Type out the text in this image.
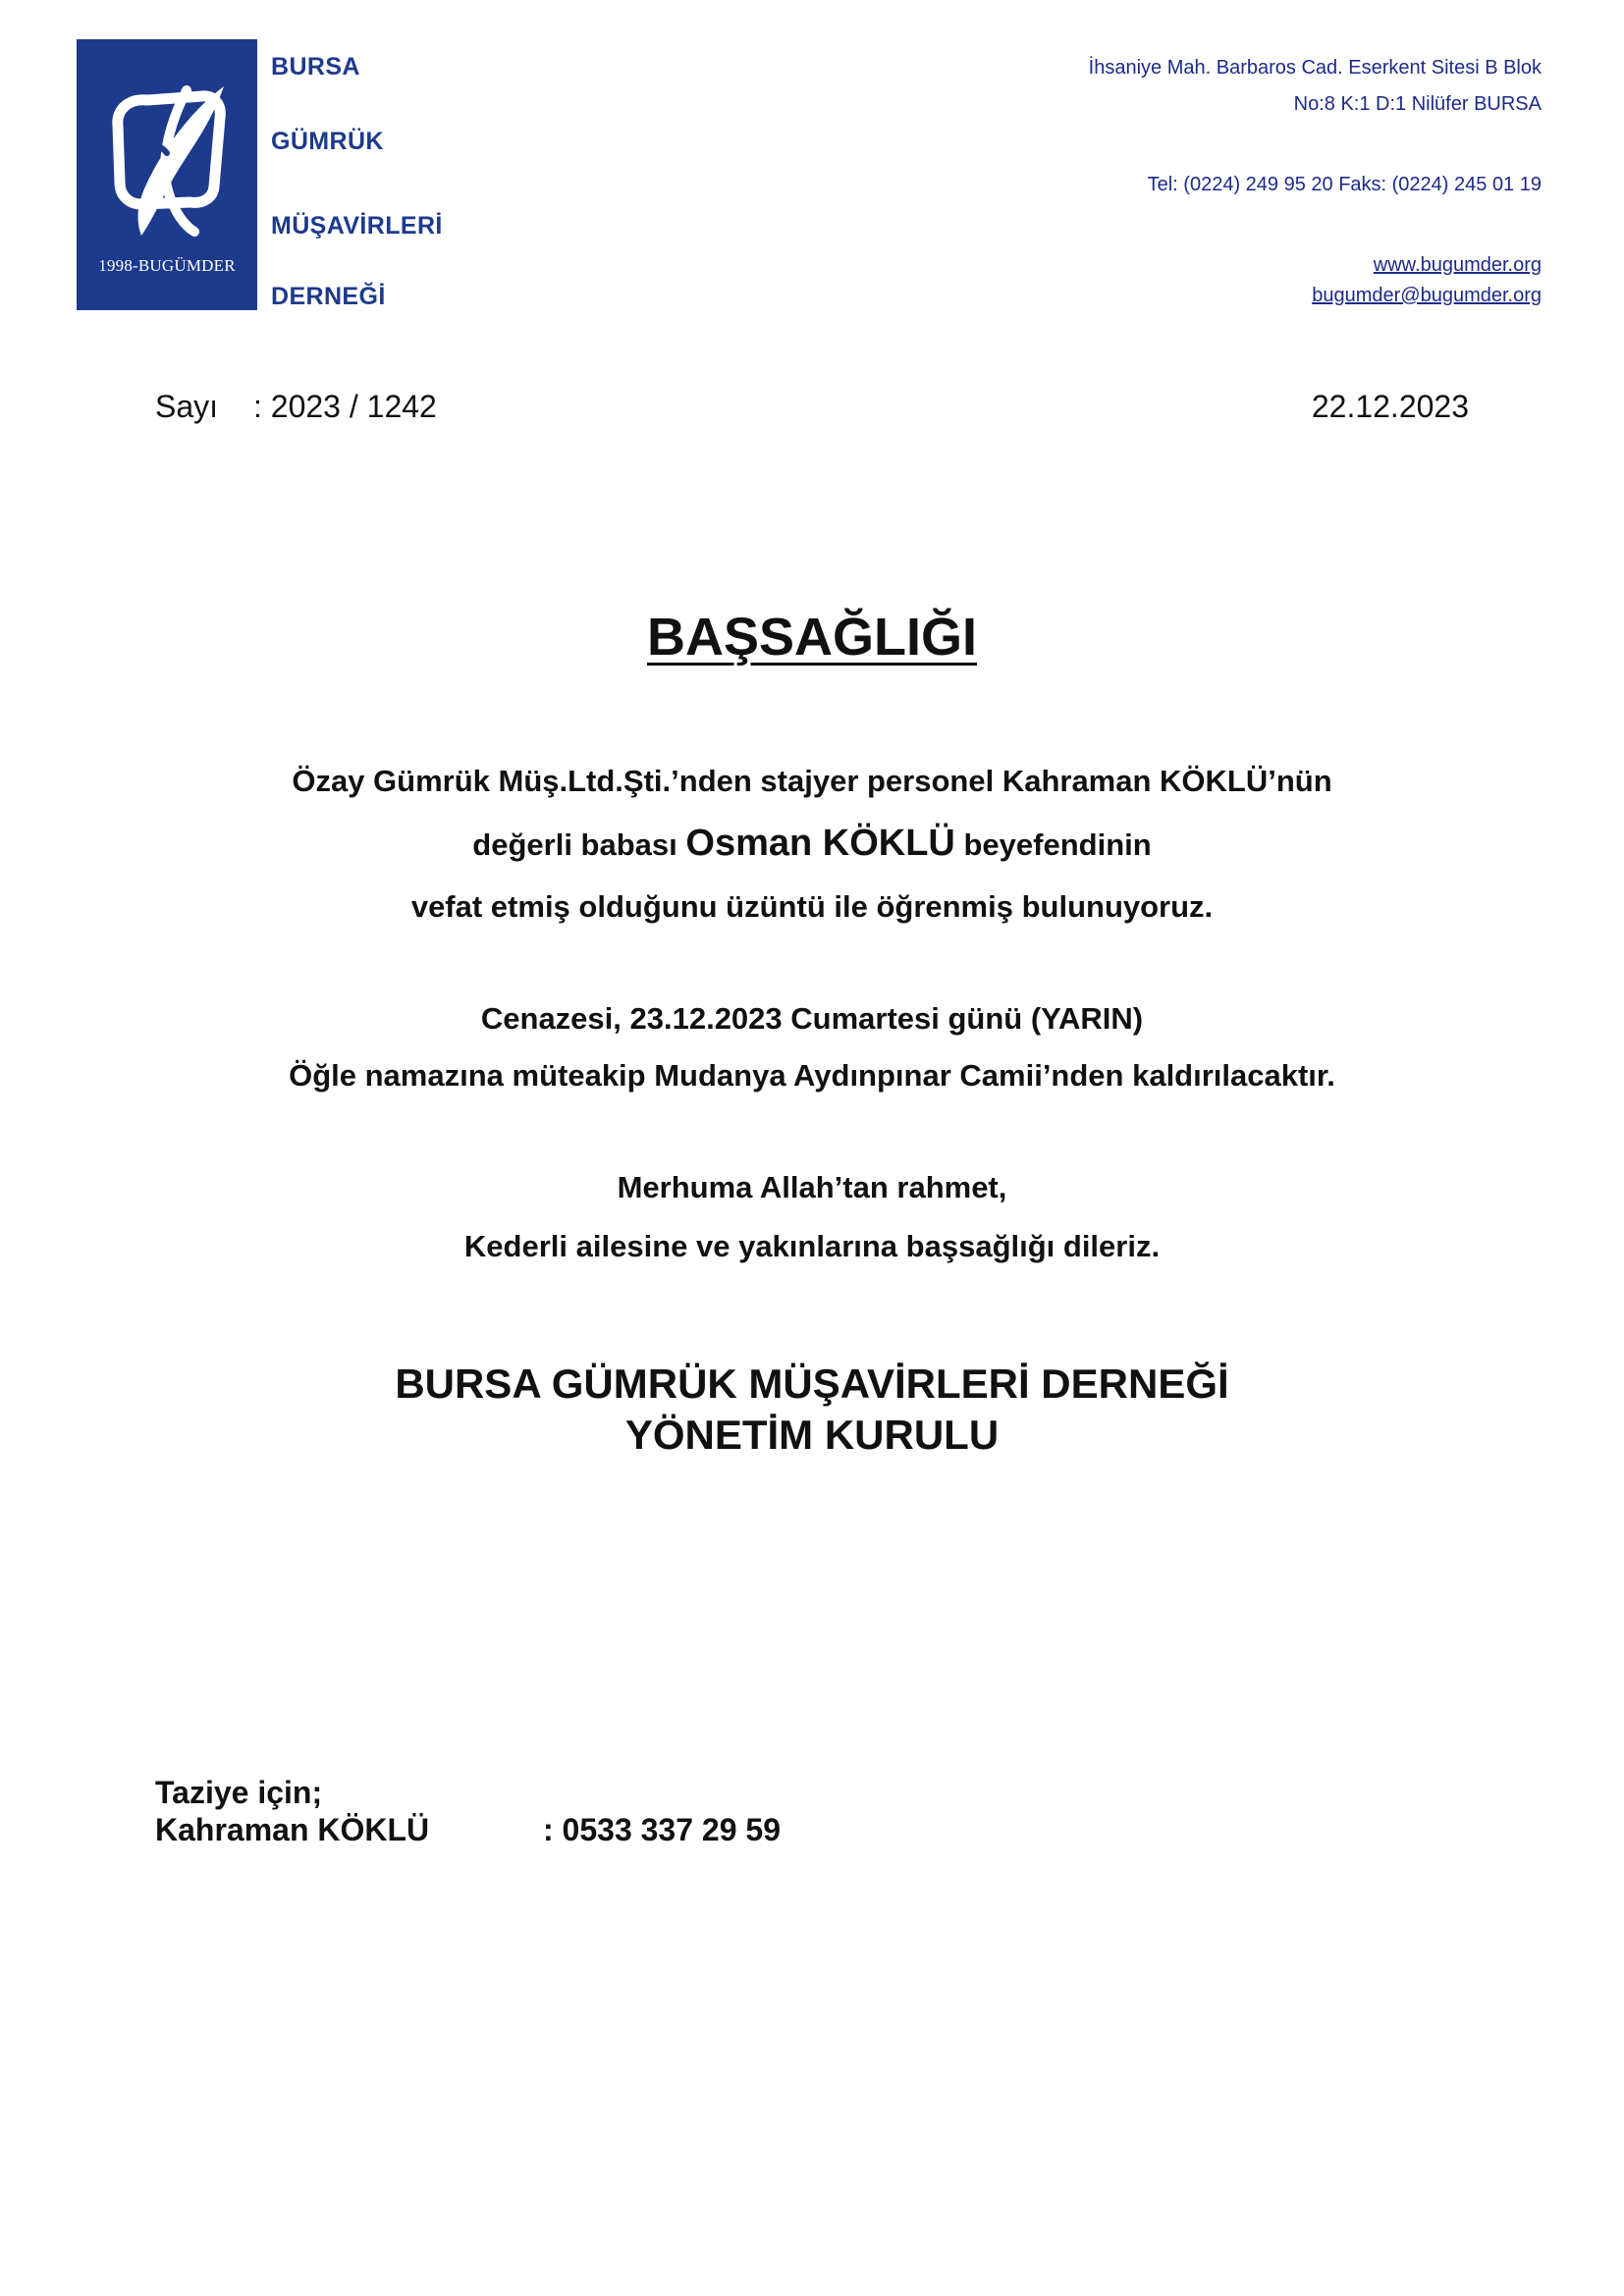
1998-BUGÜMDER
BURSA
GÜMRÜK
MÜŞAVİRLERİ
DERNEĞİ
İhsaniye Mah. Barbaros Cad. Eserkent Sitesi B Blok
No:8 K:1 D:1 Nilüfer BURSA
Tel: (0224) 249 95 20 Faks: (0224) 245 01 19
www.bugumder.org
bugumder@bugumder.org
Sayı : 2023 / 1242	22.12.2023
BAŞSAĞLIĞI
Özay Gümrük Müş.Ltd.Şti.’nden stajyer personel Kahraman KÖKLÜ’nün
değerli babası Osman KÖKLÜ beyefendinin
vefat etmiş olduğunu üzüntü ile öğrenmiş bulunuyoruz.
Cenazesi, 23.12.2023 Cumartesi günü (YARIN)
Öğle namazına müteakip Mudanya Aydınpınar Camii’nden kaldırılacaktır.
Merhuma Allah’tan rahmet,
Kederli ailesine ve yakınlarına başsağlığı dileriz.
BURSA GÜMRÜK MÜŞAVİRLERİ DERNEĞİ
YÖNETİM KURULU
Taziye için;
Kahraman KÖKLÜ	: 0533 337 29 59
